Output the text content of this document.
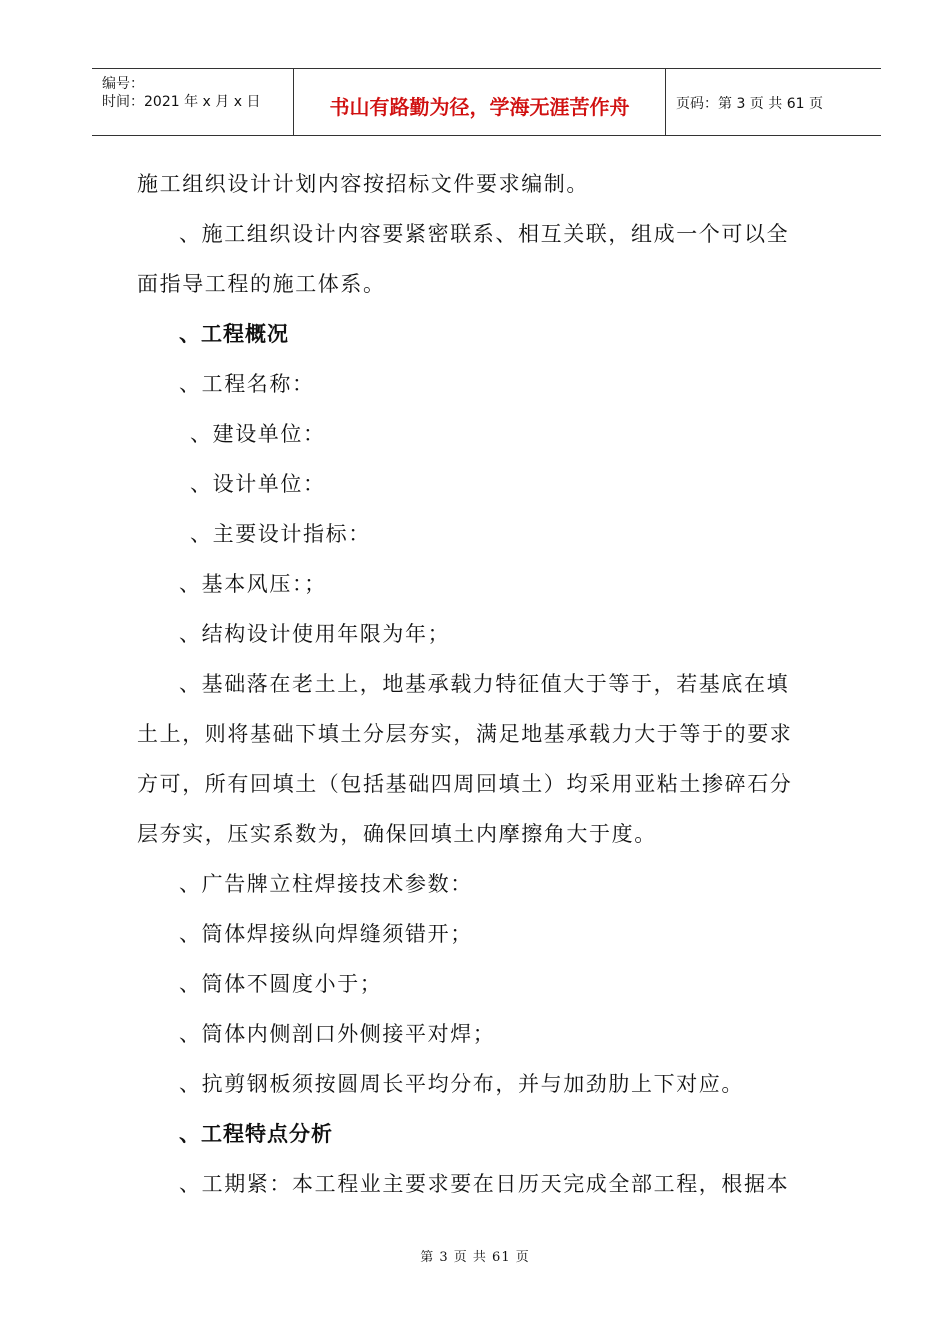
编号：
时间：2021 年 x 月 x 日	书山有路勤为径，学海无涯苦作舟	页码：第 3 页 共 61 页
施工组织设计计划内容按招标文件要求编制。
、施工组织设计内容要紧密联系、相互关联，组成一个可以全
面指导工程的施工体系。
、工程概况
、工程名称：
、建设单位：
、设计单位：
、主要设计指标：
、基本风压：；
、结构设计使用年限为年；
、基础落在老土上，地基承载力特征值大于等于，若基底在填
土上，则将基础下填土分层夯实，满足地基承载力大于等于的要求
方可，所有回填土（包括基础四周回填土）均采用亚粘土掺碎石分
层夯实，压实系数为，确保回填土内摩擦角大于度。
、广告牌立柱焊接技术参数：
、筒体焊接纵向焊缝须错开；
、筒体不圆度小于；
、筒体内侧剖口外侧接平对焊；
、抗剪钢板须按圆周长平均分布，并与加劲肋上下对应。
、工程特点分析
、工期紧：本工程业主要求要在日历天完成全部工程，根据本
第 3 页 共 61 页
